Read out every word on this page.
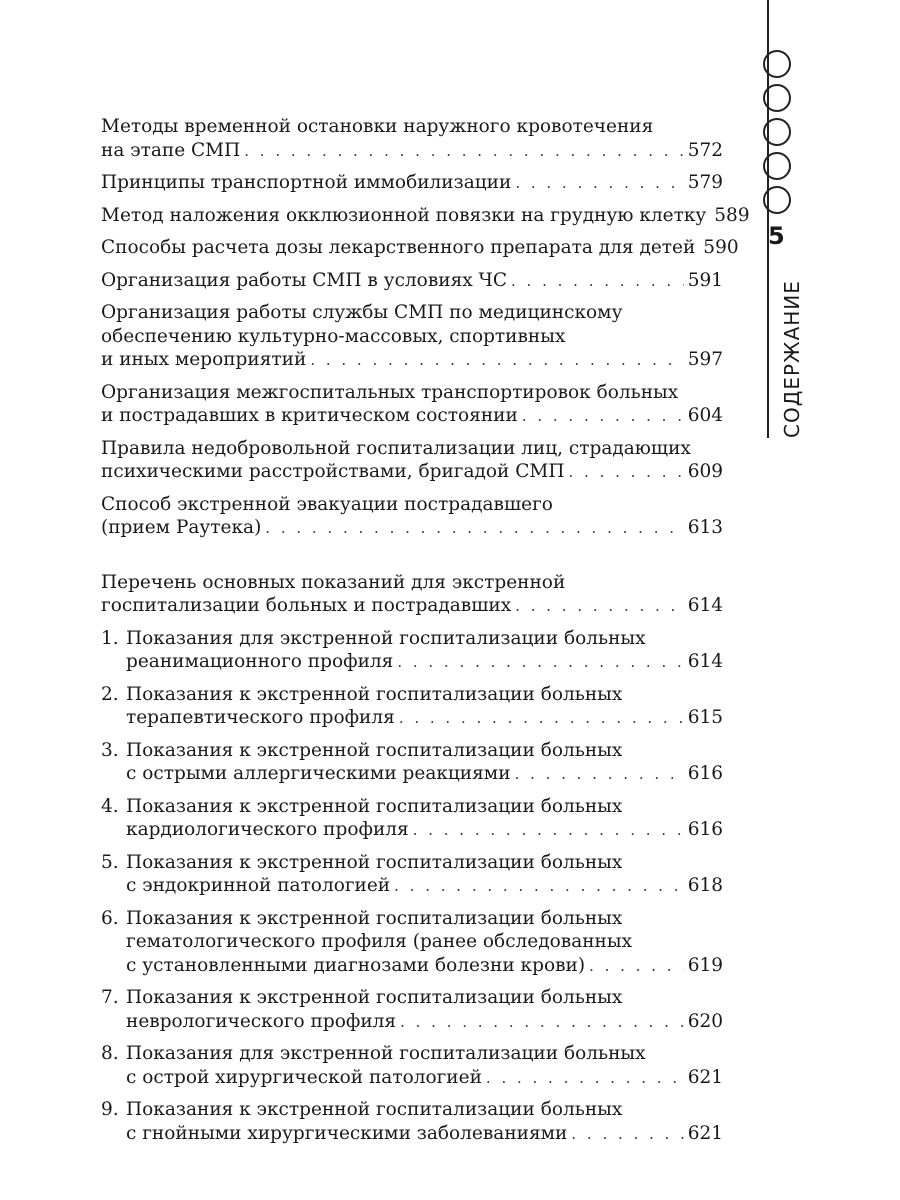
5
СОДЕРЖАНИЕ
Методы временной остановки наружного кровотечения
на этапе СМП . . .	572
Принципы транспортной иммобилизации . . .	579
Метод наложения окклюзионной повязки на грудную клетку 589
Способы расчета дозы лекарственного препарата для детей 590
Организация работы СМП в условиях ЧС . . .	591
Организация работы службы СМП по медицинскому
обеспечению культурно-массовых, спортивных
и иных мероприятий . . .	597
Организация межгоспитальных транспортировок больных
и пострадавших в критическом состоянии . . .	604
Правила недобровольной госпитализации лиц, страдающих
психическими расстройствами, бригадой СМП . . .	609
Способ экстренной эвакуации пострадавшего
(прием Раутека) . . .	613
Перечень основных показаний для экстренной
госпитализации больных и пострадавших . . .	614
1. Показания для экстренной госпитализации больных
реанимационного профиля . . .	614
2. Показания к экстренной госпитализации больных
терапевтического профиля . . .	615
3. Показания к экстренной госпитализации больных
с острыми аллергическими реакциями . . .	616
4. Показания к экстренной госпитализации больных
кардиологического профиля . . .	616
5. Показания к экстренной госпитализации больных
с эндокринной патологией . . .	618
6. Показания к экстренной госпитализации больных
гематологического профиля (ранее обследованных
с установленными диагнозами болезни крови) . . .	619
7. Показания к экстренной госпитализации больных
неврологического профиля . . .	620
8. Показания для экстренной госпитализации больных
с острой хирургической патологией . . .	621
9. Показания к экстренной госпитализации больных
с гнойными хирургическими заболеваниями . . .	621
